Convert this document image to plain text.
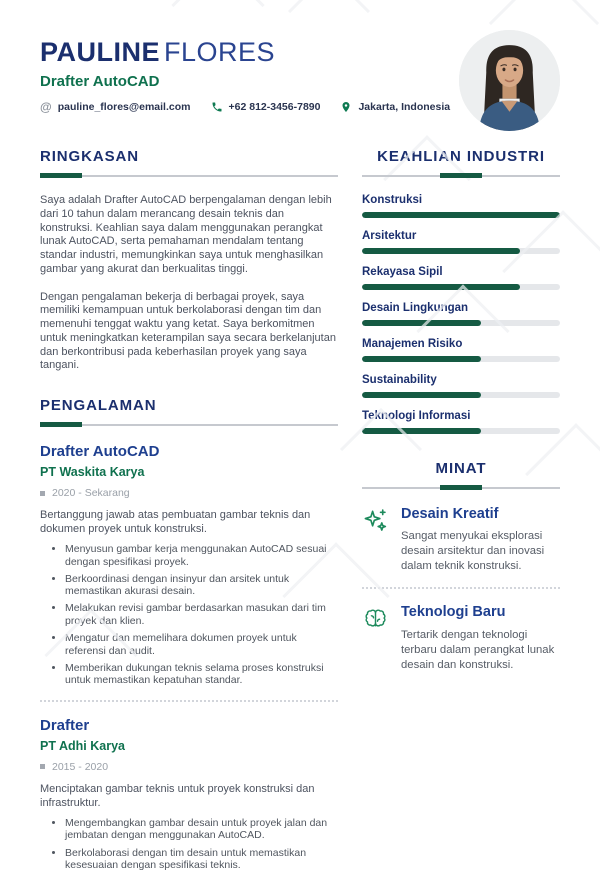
PAULINE FLORES
Drafter AutoCAD
@ pauline_flores@email.com	+62 812-3456-7890	Jakarta, Indonesia
RINGKASAN

Saya adalah Drafter AutoCAD berpengalaman dengan lebih dari 10 tahun dalam merancang desain teknis dan konstruksi. Keahlian saya dalam menggunakan perangkat lunak AutoCAD, serta pemahaman mendalam tentang standar industri, memungkinkan saya untuk menghasilkan gambar yang akurat dan berkualitas tinggi.

Dengan pengalaman bekerja di berbagai proyek, saya memiliki kemampuan untuk berkolaborasi dengan tim dan memenuhi tenggat waktu yang ketat. Saya berkomitmen untuk meningkatkan keterampilan saya secara berkelanjutan dan berkontribusi pada keberhasilan proyek yang saya tangani.

PENGALAMAN
Drafter AutoCAD
PT Waskita Karya
2020 - Sekarang
Bertanggung jawab atas pembuatan gambar teknis dan dokumen proyek untuk konstruksi.
• Menyusun gambar kerja menggunakan AutoCAD sesuai dengan spesifikasi proyek.
• Berkoordinasi dengan insinyur dan arsitek untuk memastikan akurasi desain.
• Melakukan revisi gambar berdasarkan masukan dari tim proyek dan klien.
• Mengatur dan memelihara dokumen proyek untuk referensi dan audit.
• Memberikan dukungan teknis selama proses konstruksi untuk memastikan kepatuhan standar.
Drafter
PT Adhi Karya
2015 - 2020
Menciptakan gambar teknis untuk proyek konstruksi dan infrastruktur.
• Mengembangkan gambar desain untuk proyek jalan dan jembatan dengan menggunakan AutoCAD.
• Berkolaborasi dengan tim desain untuk memastikan kesesuaian dengan spesifikasi teknis.
KEAHLIAN INDUSTRI
Konstruksi
Arsitektur
Rekayasa Sipil
Desain Lingkungan
Manajemen Risiko
Sustainability
Teknologi Informasi
MINAT
Desain Kreatif
Sangat menyukai eksplorasi desain arsitektur dan inovasi dalam teknik konstruksi.
Teknologi Baru
Tertarik dengan teknologi terbaru dalam perangkat lunak desain dan konstruksi.
